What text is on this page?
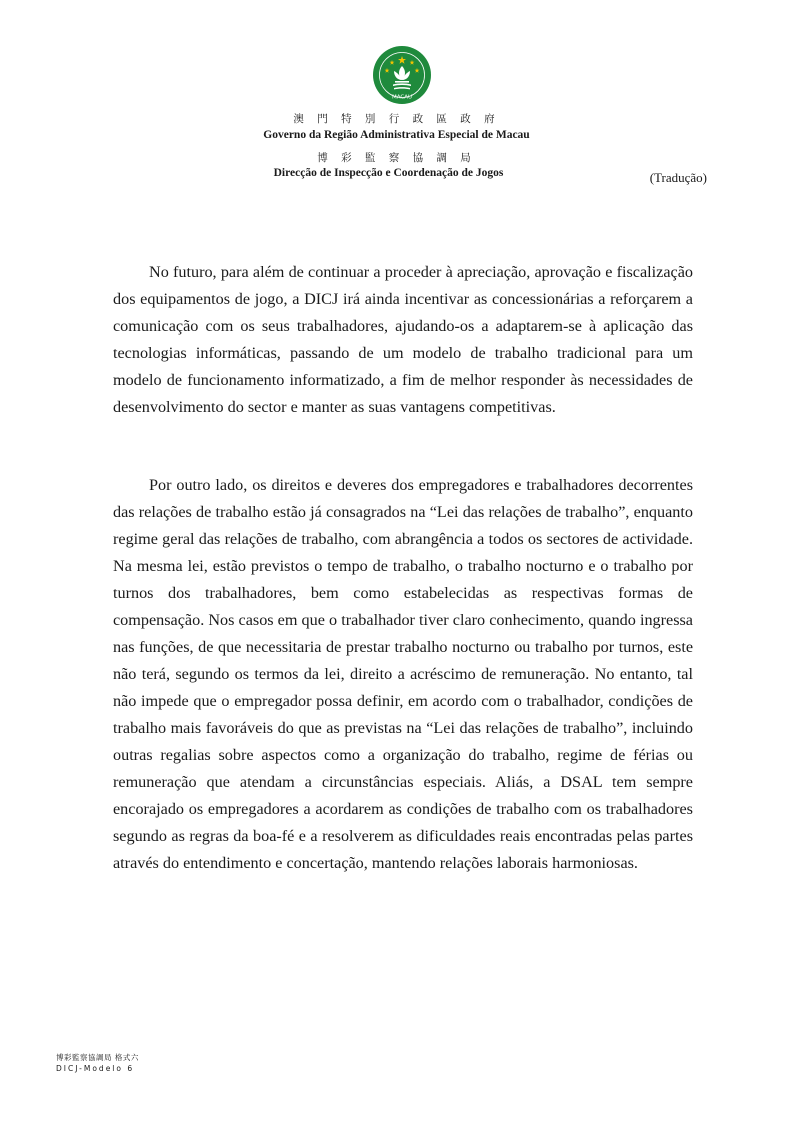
MACAU
澳 門 特 別 行 政 區 政 府
Governo da Região Administrativa Especial de Macau
博 彩 監 察 協 調 局
Direcção de Inspecção e Coordenação de Jogos	(Tradução)

No futuro, para além de continuar a proceder à apreciação, aprovação e fiscalização dos equipamentos de jogo, a DICJ irá ainda incentivar as concessionárias a reforçarem a comunicação com os seus trabalhadores, ajudando-os a adaptarem-se à aplicação das tecnologias informáticas, passando de um modelo de trabalho tradicional para um modelo de funcionamento informatizado, a fim de melhor responder às necessidades de desenvolvimento do sector e manter as suas vantagens competitivas.

Por outro lado, os direitos e deveres dos empregadores e trabalhadores decorrentes das relações de trabalho estão já consagrados na “Lei das relações de trabalho”, enquanto regime geral das relações de trabalho, com abrangência a todos os sectores de actividade. Na mesma lei, estão previstos o tempo de trabalho, o trabalho nocturno e o trabalho por turnos dos trabalhadores, bem como estabelecidas as respectivas formas de compensação. Nos casos em que o trabalhador tiver claro conhecimento, quando ingressa nas funções, de que necessitaria de prestar trabalho nocturno ou trabalho por turnos, este não terá, segundo os termos da lei, direito a acréscimo de remuneração. No entanto, tal não impede que o empregador possa definir, em acordo com o trabalhador, condições de trabalho mais favoráveis do que as previstas na “Lei das relações de trabalho”, incluindo outras regalias sobre aspectos como a organização do trabalho, regime de férias ou remuneração que atendam a circunstâncias especiais. Aliás, a DSAL tem sempre encorajado os empregadores a acordarem as condições de trabalho com os trabalhadores segundo as regras da boa-fé e a resolverem as dificuldades reais encontradas pelas partes através do entendimento e concertação, mantendo relações laborais harmoniosas.

博彩監察協調局 格式六
DICJ-Modelo 6
